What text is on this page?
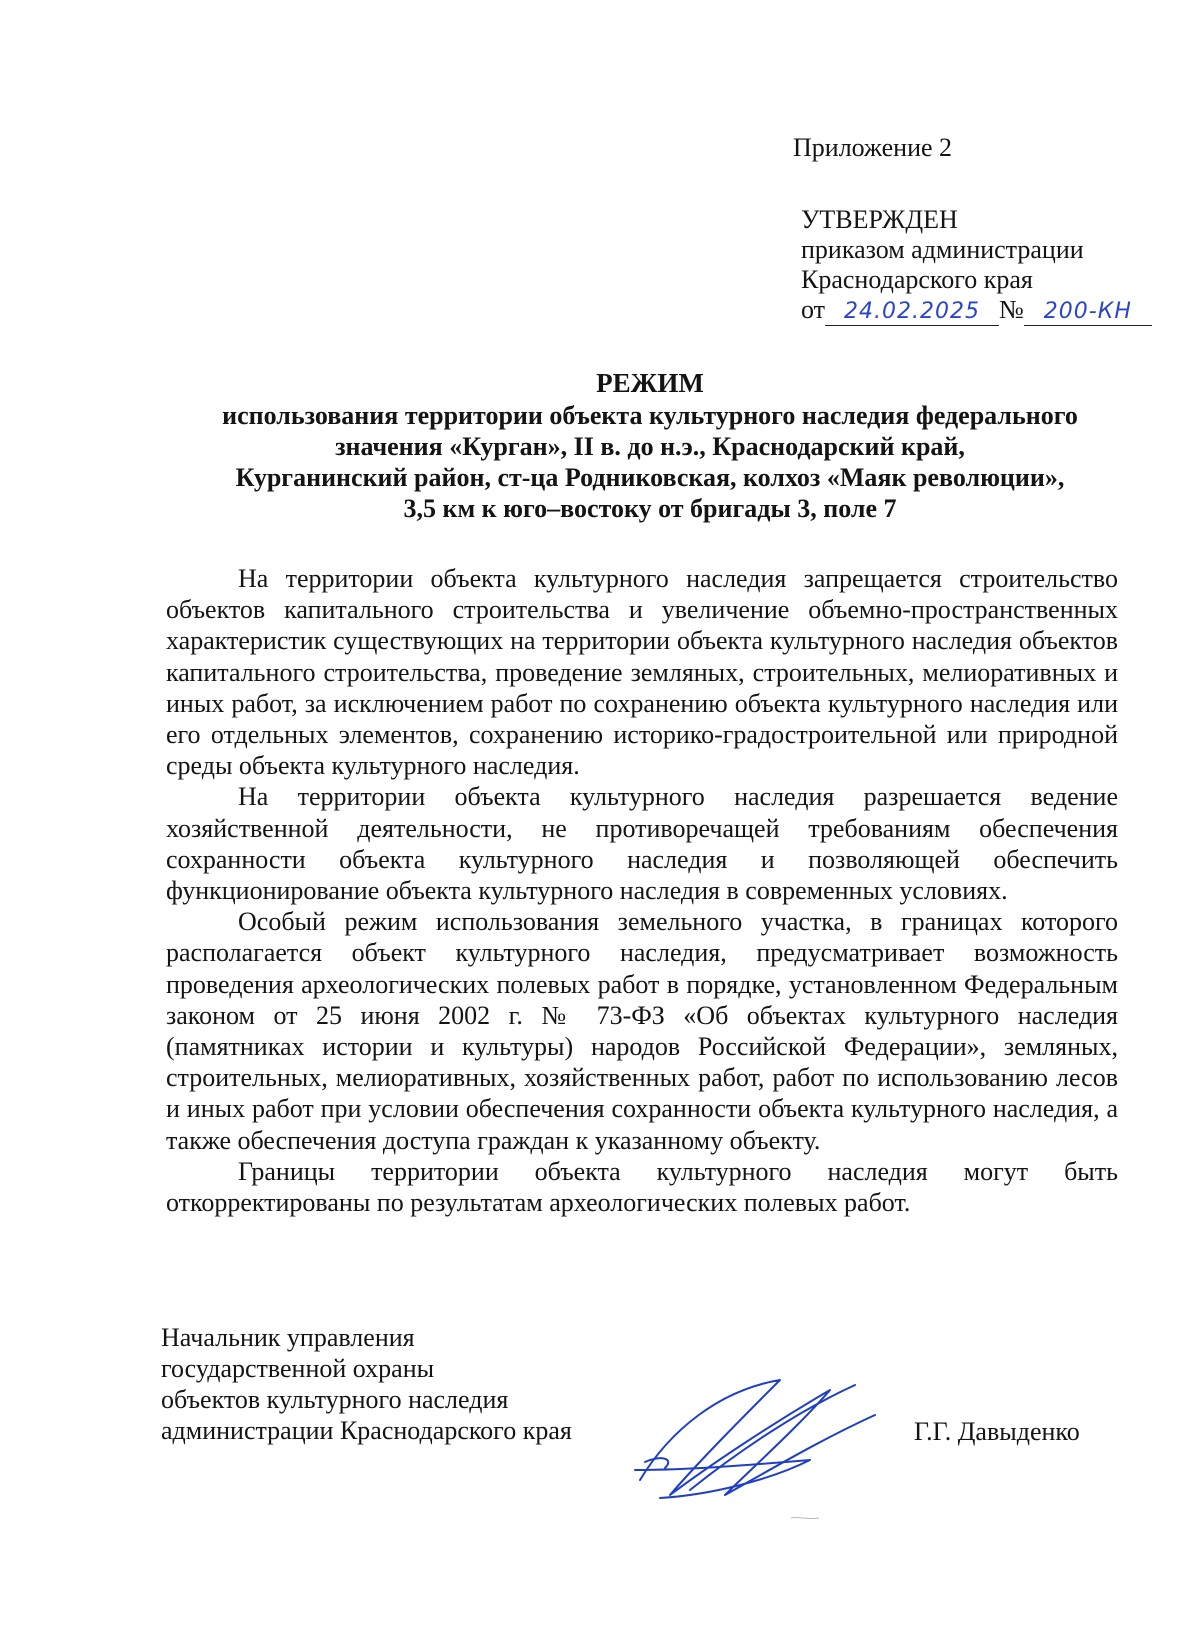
Приложение 2
УТВЕРЖДЕН
приказом администрации
Краснодарского края
от 24.02.2025 № 200-КН
РЕЖИМ
использования территории объекта культурного наследия федерального
значения «Курган», II в. до н.э., Краснодарский край,
Курганинский район, ст-ца Родниковская, колхоз «Маяк революции»,
3,5 км к юго–востоку от бригады 3, поле 7

На территории объекта культурного наследия запрещается строительство объектов капитального строительства и увеличение объемно-пространственных характеристик существующих на территории объекта культурного наследия объектов капитального строительства, проведение земляных, строительных, мелиоративных и иных работ, за исключением работ по сохранению объекта культурного наследия или его отдельных элементов, сохранению историко-градостроительной или природной среды объекта культурного наследия.

На территории объекта культурного наследия разрешается ведение хозяйственной деятельности, не противоречащей требованиям обеспечения сохранности объекта культурного наследия и позволяющей обеспечить функционирование объекта культурного наследия в современных условиях.

Особый режим использования земельного участка, в границах которого располагается объект культурного наследия, предусматривает возможность проведения археологических полевых работ в порядке, установленном Федеральным законом от 25 июня 2002 г. № 73-ФЗ «Об объектах культурного наследия (памятниках истории и культуры) народов Российской Федерации», земляных, строительных, мелиоративных, хозяйственных работ, работ по использованию лесов и иных работ при условии обеспечения сохранности объекта культурного наследия, а также обеспечения доступа граждан к указанному объекту.

Границы территории объекта культурного наследия могут быть откорректированы по результатам археологических полевых работ.

Начальник управления
государственной охраны
объектов культурного наследия
администрации Краснодарского края	Г.Г. Давыденко
